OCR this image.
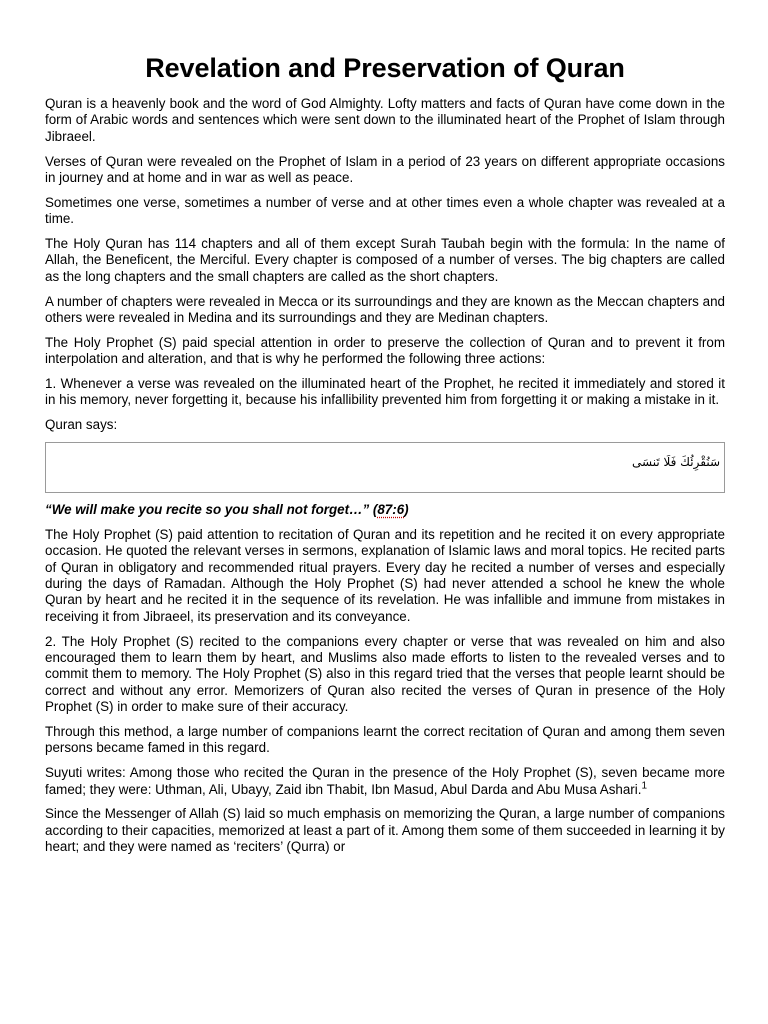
Revelation and Preservation of Quran

Quran is a heavenly book and the word of God Almighty. Lofty matters and facts of Quran have come down in the form of Arabic words and sentences which were sent down to the illuminated heart of the Prophet of Islam through Jibraeel.

Verses of Quran were revealed on the Prophet of Islam in a period of 23 years on different appropriate occasions in journey and at home and in war as well as peace.

Sometimes one verse, sometimes a number of verse and at other times even a whole chapter was revealed at a time.

The Holy Quran has 114 chapters and all of them except Surah Taubah begin with the formula: In the name of Allah, the Beneficent, the Merciful. Every chapter is composed of a number of verses. The big chapters are called as the long chapters and the small chapters are called as the short chapters.

A number of chapters were revealed in Mecca or its surroundings and they are known as the Meccan chapters and others were revealed in Medina and its surroundings and they are Medinan chapters.

The Holy Prophet (S) paid special attention in order to preserve the collection of Quran and to prevent it from interpolation and alteration, and that is why he performed the following three actions:

1. Whenever a verse was revealed on the illuminated heart of the Prophet, he recited it immediately and stored it in his memory, never forgetting it, because his infallibility prevented him from forgetting it or making a mistake in it.

Quran says:

سَنُقْرِئُكَ فَلَا تَنسَى

“We will make you recite so you shall not forget…” (87:6)

The Holy Prophet (S) paid attention to recitation of Quran and its repetition and he recited it on every appropriate occasion. He quoted the relevant verses in sermons, explanation of Islamic laws and moral topics. He recited parts of Quran in obligatory and recommended ritual prayers. Every day he recited a number of verses and especially during the days of Ramadan. Although the Holy Prophet (S) had never attended a school he knew the whole Quran by heart and he recited it in the sequence of its revelation. He was infallible and immune from mistakes in receiving it from Jibraeel, its preservation and its conveyance.

2. The Holy Prophet (S) recited to the companions every chapter or verse that was revealed on him and also encouraged them to learn them by heart, and Muslims also made efforts to listen to the revealed verses and to commit them to memory. The Holy Prophet (S) also in this regard tried that the verses that people learnt should be correct and without any error. Memorizers of Quran also recited the verses of Quran in presence of the Holy Prophet (S) in order to make sure of their accuracy.

Through this method, a large number of companions learnt the correct recitation of Quran and among them seven persons became famed in this regard.

Suyuti writes: Among those who recited the Quran in the presence of the Holy Prophet (S), seven became more famed; they were: Uthman, Ali, Ubayy, Zaid ibn Thabit, Ibn Masud, Abul Darda and Abu Musa Ashari.$^1$

Since the Messenger of Allah (S) laid so much emphasis on memorizing the Quran, a large number of companions according to their capacities, memorized at least a part of it. Among them some of them succeeded in learning it by heart; and they were named as ‘reciters’ (Qurra) or
